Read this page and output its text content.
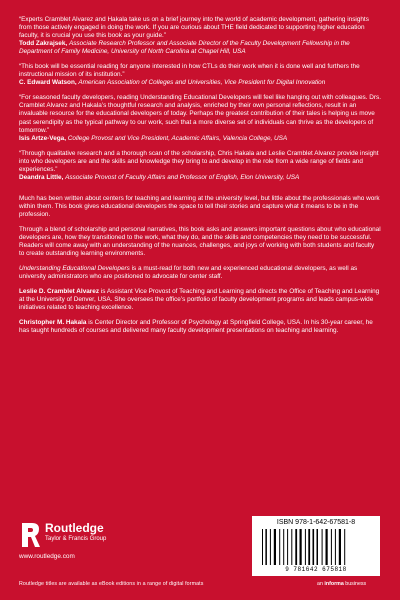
“Experts Cramblet Alvarez and Hakala take us on a brief journey into the world of academic development, gathering insights from those actively engaged in doing the work. If you are curious about THE field dedicated to supporting higher education faculty, it is crucial you use this book as your guide.”
Todd Zakrajsek, Associate Research Professor and Associate Director of the Faculty Development Fellowship in the Department of Family Medicine, University of North Carolina at Chapel Hill, USA
“This book will be essential reading for anyone interested in how CTLs do their work when it is done well and furthers the instructional mission of its institution.”
C. Edward Watson, American Association of Colleges and Universities, Vice President for Digital Innovation
“For seasoned faculty developers, reading Understanding Educational Developers will feel like hanging out with colleagues. Drs. Cramblet Alvarez and Hakala’s thoughtful research and analysis, enriched by their own personal reflections, result in an invaluable resource for the educational developers of today. Perhaps the greatest contribution of their tales is helping us move past serendipity as the typical pathway to our work, such that a more diverse set of individuals can thrive as the developers of tomorrow.”
Isis Artze-Vega, College Provost and Vice President, Academic Affairs, Valencia College, USA
“Through qualitative research and a thorough scan of the scholarship, Chris Hakala and Leslie Cramblet Alvarez provide insight into who developers are and the skills and knowledge they bring to and develop in the role from a wide range of fields and experiences.”
Deandra Little, Associate Provost of Faculty Affairs and Professor of English, Elon University, USA

Much has been written about centers for teaching and learning at the university level, but little about the professionals who work within them. This book gives educational developers the space to tell their stories and capture what it means to be in the profession.

Through a blend of scholarship and personal narratives, this book asks and answers important questions about who educational developers are, how they transitioned to the work, what they do, and the skills and competencies they need to be successful. Readers will come away with an understanding of the nuances, challenges, and joys of working with both students and faculty to create outstanding learning environments.

Understanding Educational Developers is a must-read for both new and experienced educational developers, as well as university administrators who are positioned to advocate for center staff.

Leslie D. Cramblet Alvarez is Assistant Vice Provost of Teaching and Learning and directs the Office of Teaching and Learning at the University of Denver, USA. She oversees the office’s portfolio of faculty development programs and leads campus-wide initiatives related to teaching excellence.

Christopher M. Hakala is Center Director and Professor of Psychology at Springfield College, USA. In his 30-year career, he has taught hundreds of courses and delivered many faculty development presentations on teaching and learning.

Routledge
Taylor & Francis Group
www.routledge.com
Routledge titles are available as eBook editions in a range of digital formats	an informa business
ISBN 978-1-642-67581-8
9 781642 675818
